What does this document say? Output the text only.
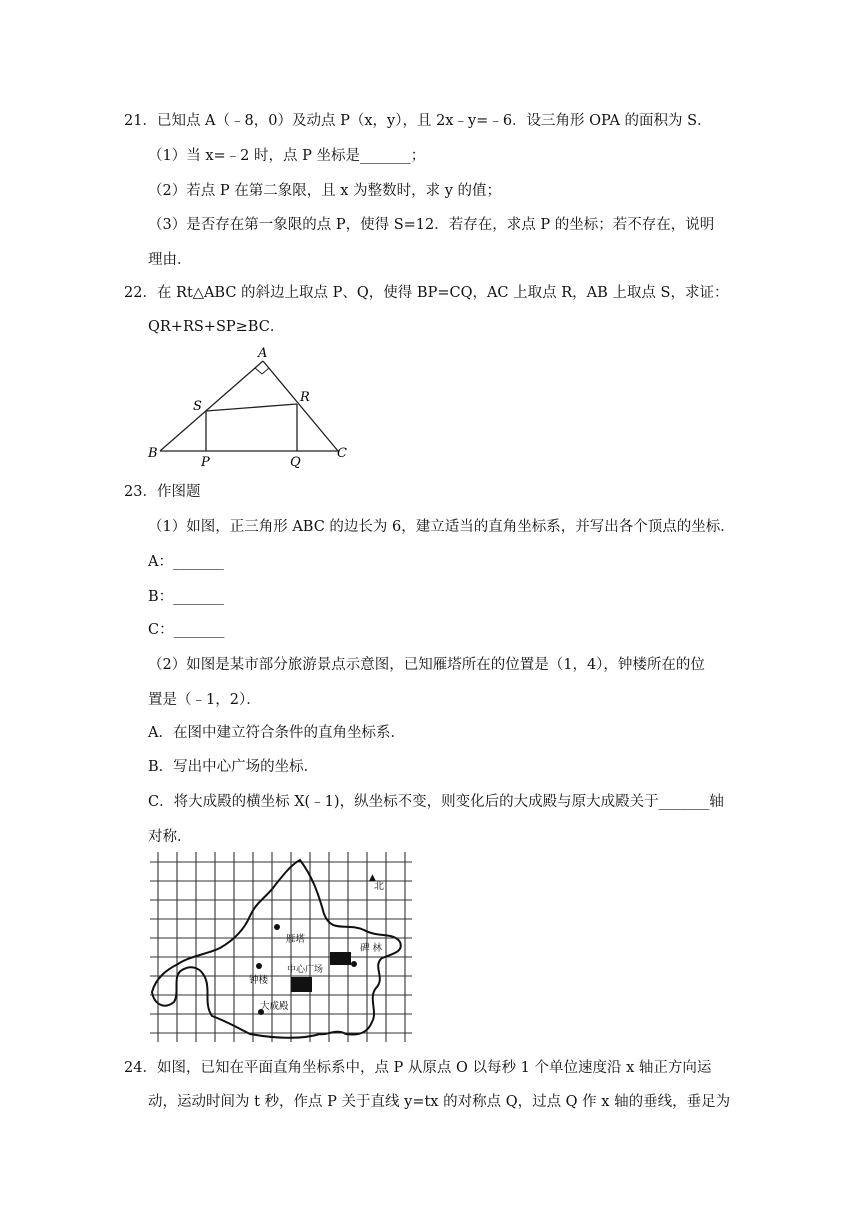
21．已知点 A（﹣8，0）及动点 P（x，y），且 2x﹣y=﹣6．设三角形 OPA 的面积为 S．
（1）当 x=﹣2 时，点 P 坐标是_______；
（2）若点 P 在第二象限，且 x 为整数时，求 y 的值；
（3）是否存在第一象限的点 P，使得 S=12．若存在，求点 P 的坐标；若不存在，说明
理由．
22．在 Rt△ABC 的斜边上取点 P、Q，使得 BP=CQ，AC 上取点 R，AB 上取点 S，求证：
QR+RS+SP≥BC．
A
S
R
B
P	Q
C
23．作图题
（1）如图，正三角形 ABC 的边长为 6，建立适当的直角坐标系，并写出各个顶点的坐标．
A：_______
B：_______
C：_______
（2）如图是某市部分旅游景点示意图，已知雁塔所在的位置是（1，4），钟楼所在的位
置是（﹣1，2）．
A．在图中建立符合条件的直角坐标系．
B．写出中心广场的坐标．
C．将大成殿的横坐标 X(﹣1)，纵坐标不变，则变化后的大成殿与原大成殿关于_______轴
对称．
▲
北
雁塔
碑 林
钟楼
中心广场
大成殿
24．如图，已知在平面直角坐标系中，点 P 从原点 O 以每秒 1 个单位速度沿 x 轴正方向运
动，运动时间为 t 秒，作点 P 关于直线 y=tx 的对称点 Q，过点 Q 作 x 轴的垂线，垂足为
